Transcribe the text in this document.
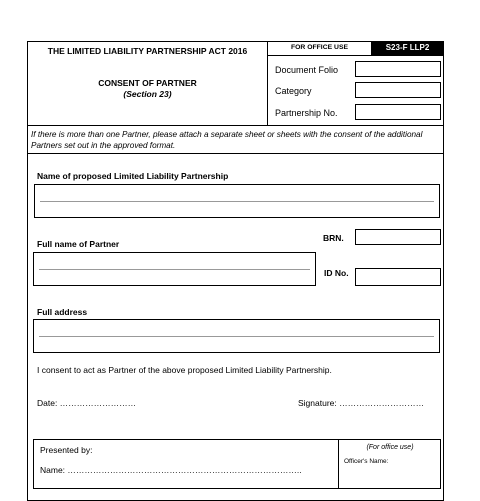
THE LIMITED LIABILITY PARTNERSHIP ACT 2016
CONSENT OF PARTNER
(Section 23)
FOR OFFICE USE	S23-F LLP2
Document Folio
Category
Partnership No.
If there is more than one Partner, please attach a separate sheet or sheets with the consent of the additional Partners set out in the approved format.
Name of proposed Limited Liability Partnership
Full name of Partner
BRN.
ID No.
Full address
I consent to act as Partner of the above proposed Limited Liability Partnership.
Date: ………………………	Signature: …………………………
Presented by:
Name: ………………………………………………………………………..
(For office use)
Officer's Name:
